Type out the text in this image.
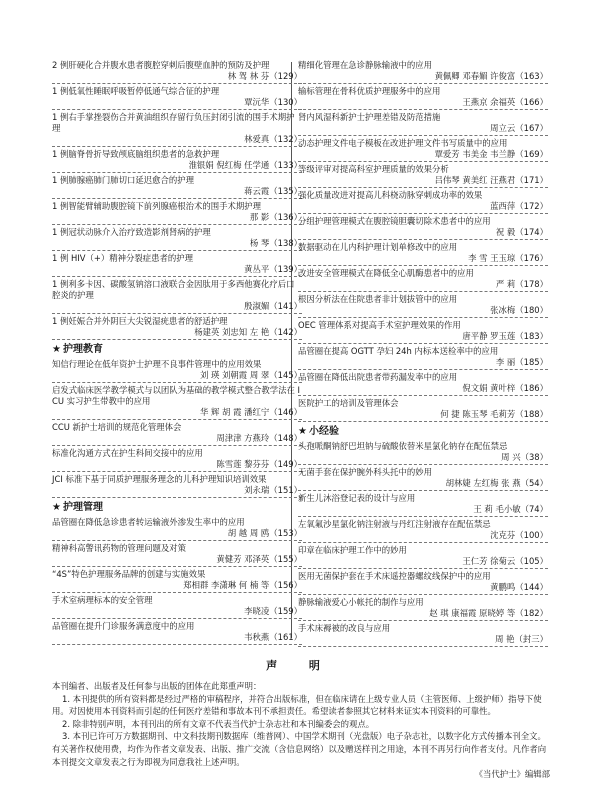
2 例肝硬化合并腹水患者腹腔穿刺后腹壁血肿的预防及护理
林 驾 林 芬（129）
1 例低氧性睡眠呼吸暂停低通气综合征的护理
覃沅华（130）
1 例右手掌挫裂伤合并黄油组织存留行负压封闭引流的围手术期护理
林爱真（132）
1 例脑脊骨折导致颅底脑组织患者的急救护理
淮银娟 倪红梅 任学通（133）
1 例肺腺癌肺门肺切口延迟愈合的护理
蒋云霞（135）
1 例智能臂辅助腹腔镜下前列腺癌根治术的围手术期护理
那 影（136）
1 例冠状动脉介入治疗致造影剂肾病的护理
杨 琴（138）
1 例 HIV（+）精神分裂症患者的护理
黄丛平（139）
1 例利多卡因、碳酸氢钠溶口液联合金因肽用于多西他赛化疗后口腔炎的护理
殷淑媚（141）
1 例妊娠合并外阴巨大尖锐湿疣患者的舒适护理
杨建英 刘忠知 左 艳（142）
★ 护理教育
知信行理论在低年资护士护理不良事件管理中的应用效果
刘 瑛 刘朝霞 周 翠（145）
启发式临床医学教学模式与以团队为基础的教学模式整合教学法在 ICU 实习护生带教中的应用
华 辉 胡 霞 潘红宁（146）
CCU 新护士培训的规范化管理体会
周津津 方燕玲（148）
标准化沟通方式在护生科间交接中的应用
陈雪莲 黎芬芬（149）
JCI 标准下基于同质护理服务理念的儿科护理知识培训效果
刘永瑞（151）
★ 护理管理
品管圈在降低急诊患者转运输液外渗发生率中的应用
胡 越 周 鸥（153）
精神科高警讯药物的管理问题及对策
黄健芳 邓泽英（155）
“4S”特色护理服务品牌的创建与实施效果
郑相群 李潇琳 何 楠 等（156）
手术室病理标本的安全管理
李晓凌（159）
品管圈在提升门诊服务满意度中的应用
韦秋燕（161）
精细化管理在急诊静脉输液中的应用
黄佩卿 邓春媚 许俊富（163）
输标管理在骨科优质护理服务中的应用
王燕京 余福英（166）
肾内风湿科新护士护理差错及防范措施
周立云（167）
动态护理文件电子模板在改进护理文件书写质量中的应用
覃爱芳 韦美金 韦兰静（169）
等级评审对提高科室护理质量的效果分析
吕伟琴 黄美红 汪燕君（171）
强化质量改进对提高儿科桡动脉穿刺成功率的效果
蓝西萍（172）
分组护理管理模式在腹腔镜胆囊切除术患者中的应用
祝 毅（174）
数据驱动在儿内科护理计划单修改中的应用
李 雪 王玉琼（176）
改进安全管理模式在降低全心肌酶患者中的应用
严 莉（178）
根因分析法在住院患者非计划拔管中的应用
张冰梅（180）
OEC 管理体系对提高手术室护理效果的作用
唐平静 罗玉莲（183）
品管圈在提高 OGTT 孕妇 24h 内标本送检率中的应用
李 丽（185）
品管圈在降低出院患者带药漏发率中的应用
倪文娟 黄叶梓（186）
医院护工的培训及管理体会
何 捷 陈玉琴 毛莉芳（188）
★ 小经验
头孢哌酮钠舒巴坦钠与硫酸依替米星氯化钠存在配伍禁忌
周 兴（38）
无菌手套在保护腕外科头托中的妙用
胡林婕 左红梅 张 燕（54）
新生儿沐浴登记表的设计与应用
王 莉 毛小敏（74）
左氧氟沙星氯化钠注射液与丹红注射液存在配伍禁忌
沈克芬（100）
印章在临床护理工作中的妙用
王仁芳 徐菊云（105）
医用无菌保护套在手术床遥控器螺纹线保护中的应用
黄鹏鸣（144）
静脉输液爱心小帐托的制作与应用
赵 琪 康福霞 原晓婷 等（182）
手术床褥被的改良与应用
周 艳（封三）
声 明

本刊编者、出版者及任何参与出版的团体在此郑重声明：

1. 本刊提供的所有资料都是经过严格的审稿程序，并符合出版标准，但在临床请在上级专业人员（主管医师、上级护师）指导下使用。对因使用本刊资料而引起的任何医疗差错和事故本刊不承担责任。希望读者参照其它材料来证实本刊资料的可靠性。

2. 除非特别声明，本刊刊出的所有文章不代表当代护士杂志社和本刊编委会的观点。

3. 本刊已许可万方数据期刊、中文科技期刊数据库（维普网）、中国学术期刊（光盘版）电子杂志社，以数字化方式传播本刊全文。有关著作权使用费，均作为作者文章发表、出版、推广交流（含信息网络）以及赠送样刊之用途，本刊不再另行向作者支付。凡作者向本刊提交文章发表之行为即视为同意我社上述声明。

《当代护士》编辑部
